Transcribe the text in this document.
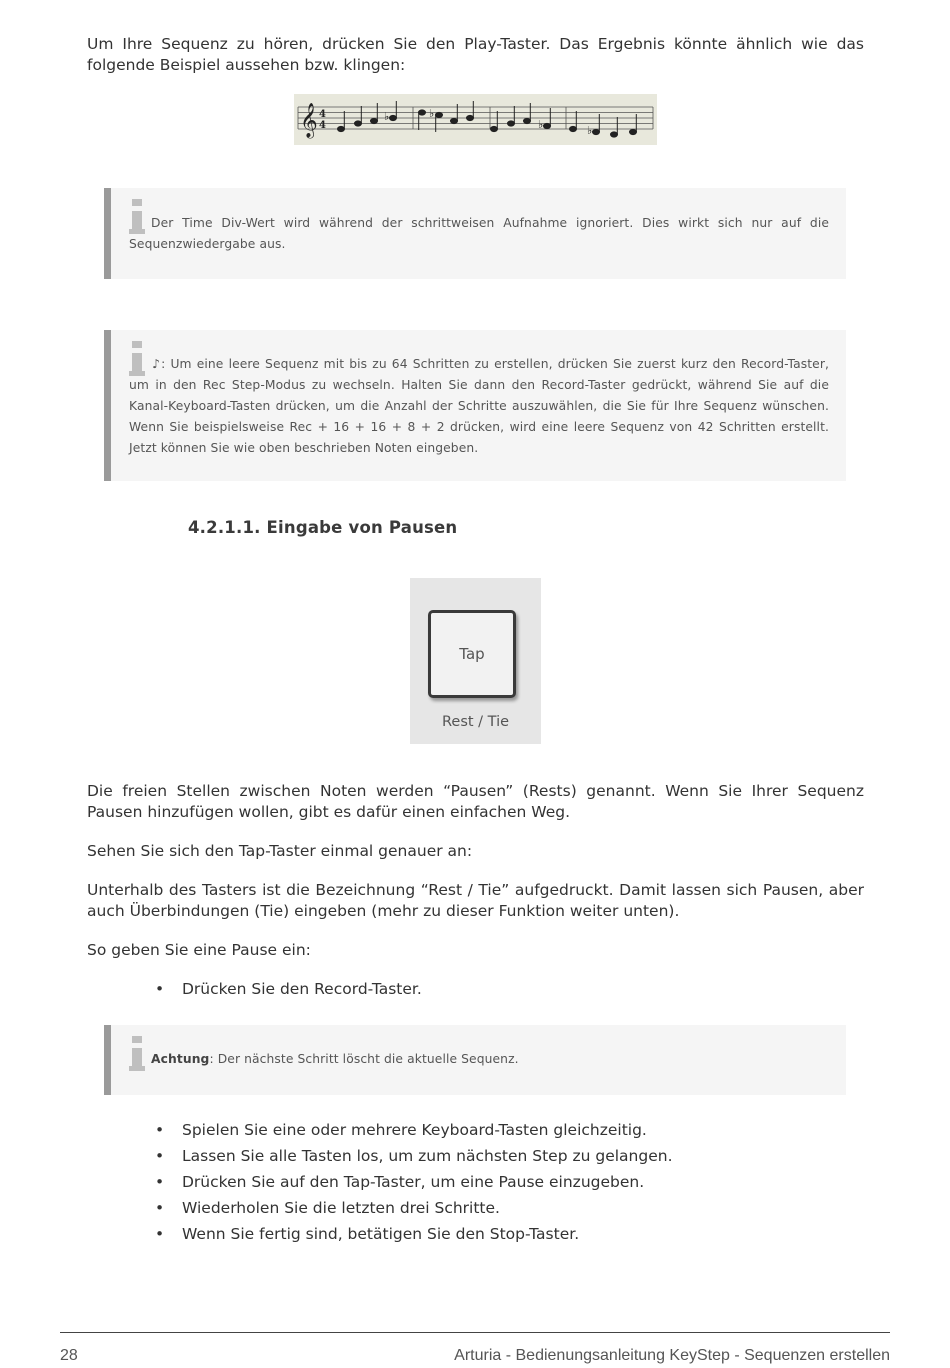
Um Ihre Sequenz zu hören, drücken Sie den Play-Taster. Das Ergebnis könnte ähnlich wie das folgende Beispiel aussehen bzw. klingen:

𝄞 4
4
♭	♭
♭	♭

Der Time Div-Wert wird während der schrittweisen Aufnahme ignoriert. Dies wirkt sich nur auf die Sequenzwiedergabe aus.

♪: Um eine leere Sequenz mit bis zu 64 Schritten zu erstellen, drücken Sie zuerst kurz den Record-Taster, um in den Rec Step-Modus zu wechseln. Halten Sie dann den Record-Taster gedrückt, während Sie auf die Kanal-Keyboard-Tasten drücken, um die Anzahl der Schritte auszuwählen, die Sie für Ihre Sequenz wünschen. Wenn Sie beispielsweise Rec + 16 + 16 + 8 + 2 drücken, wird eine leere Sequenz von 42 Schritten erstellt. Jetzt können Sie wie oben beschrieben Noten eingeben.

4.2.1.1. Eingabe von Pausen
Tap
Rest / Tie

Die freien Stellen zwischen Noten werden “Pausen” (Rests) genannt. Wenn Sie Ihrer Sequenz Pausen hinzufügen wollen, gibt es dafür einen einfachen Weg.

Sehen Sie sich den Tap-Taster einmal genauer an:

Unterhalb des Tasters ist die Bezeichnung “Rest / Tie” aufgedruckt. Damit lassen sich Pausen, aber auch Überbindungen (Tie) eingeben (mehr zu dieser Funktion weiter unten).

So geben Sie eine Pause ein:

• Drücken Sie den Record-Taster.

Achtung: Der nächste Schritt löscht die aktuelle Sequenz.

• Spielen Sie eine oder mehrere Keyboard-Tasten gleichzeitig.
• Lassen Sie alle Tasten los, um zum nächsten Step zu gelangen.
• Drücken Sie auf den Tap-Taster, um eine Pause einzugeben.
• Wiederholen Sie die letzten drei Schritte.
• Wenn Sie fertig sind, betätigen Sie den Stop-Taster.
28	Arturia - Bedienungsanleitung KeyStep - Sequenzen erstellen
